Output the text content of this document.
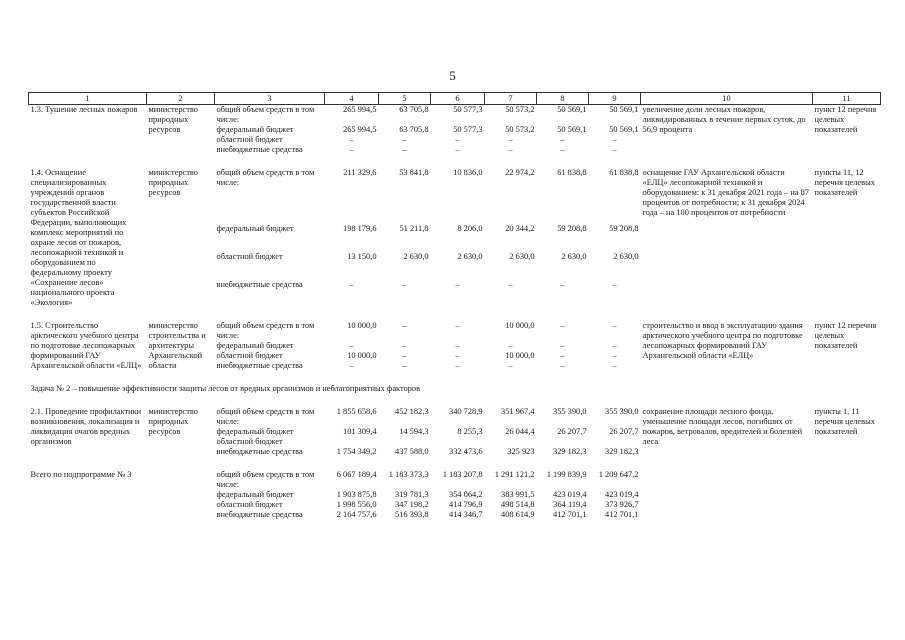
5
1	2	3	4	5	6	7	8	9	10	11
1.3. Тушение лесных пожаров	министерство природных ресурсов	общий объем средств в том числе:	265 994,5	63 705,8	50 577,3	50 573,2	50 569,1	50 569,1	увеличение доли лесных пожаров, ликвидированных в течение первых суток, до 56,9 процента	пункт 12 перечня целевых показателей
		федеральный бюджет	265 994,5	63 705,8	50 577,3	50 573,2	50 569,1	50 569,1		
		областной бюджет	–	–	–	–	–	–		
		внебюджетные средства	–	–	–	–	–	–		

1.4. Оснащение специализированных учреждений органов государственной власти субъектов Российской Федерации, выполняющих комплекс мероприятий по охране лесов от пожаров, лесопожарной техникой и оборудованием по федеральному проекту «Сохранение лесов» национального проекта «Экология»	министерство природных ресурсов	общий объем средств в том числе:	211 329,6	53 841,8	10 836,0	22 974,2	61 838,8	61 838,8	оснащение ГАУ Архангельской области «ЕЛЦ» лесопожарной техникой и оборудованием: к 31 декабря 2021 года – на 87 процентов от потребности; к 31 декабря 2024 года – на 100 процентов от потребности	пункты 11, 12 перечня целевых показателей
		федеральный бюджет	198 179,6	51 211,8	8 206,0	20 344,2	59 208,8	59 208,8		
		областной бюджет	13 150,0	2 630,0	2 630,0	2 630,0	2 630,0	2 630,0		
		внебюджетные средства	–	–	–	–	–	–		

1.5. Строительство арктического учебного центра по подготовке лесопожарных формирований ГАУ Архангельской области «ЕЛЦ»	министерство строительства и архитектуры Архангельской области	общий объем средств в том числе:	10 000,0	–	–	10 000,0	–	–	строительство и ввод в эксплуатацию здания арктического учебного центра по подготовке лесопожарных формирований ГАУ Архангельской области «ЕЛЦ»	пункт 12 перечня целевых показателей
		федеральный бюджет	–	–	–	–	–	–		
		областной бюджет	10 000,0	–	–	10 000,0	–	–		
		внебюджетные средства	–	–	–	–	–	–		

Задача № 2 – повышение эффективности защиты лесов от вредных организмов и неблагоприятных факторов										

2.1. Проведение профилактики возникновения, локализация и ликвидация очагов вредных организмов	министерство природных ресурсов	общий объем средств в том числе:	1 855 658,6	452 182,3	340 728,9	351 967,4	355 390,0	355 390,0	сохранение площади лесного фонда, уменьшение площади лесов, погибших от пожаров, ветровалов, вредителей и болезней леса	пункты 1, 11 перечня целевых показателей
		федеральный бюджет	101 309,4	14 594,3	8 255,3	26 044,4	26 207,7	26 207,7		
		областной бюджет								
		внебюджетные средства	1 754 349,2	437 588,0	332 473,6	325 923	329 182,3	329 182,3		

Всего по подпрограмме № 3		общий объем средств в том числе:	6 067 189,4	1 183 373,3	1 183 207,8	1 291 121,2	1 199 839,9	1 209 647,2		
		федеральный бюджет	1 903 875,8	319 781,3	354 064,2	383 991,5	423 019,4	423 019,4		
		областной бюджет	1 998 556,0	347 198,2	414 796,9	498 514,8	364 119,4	373 926,7		
		внебюджетные средства	2 164 757,6	516 393,8	414 346,7	408 614,9	412 701,1	412 701,1		
